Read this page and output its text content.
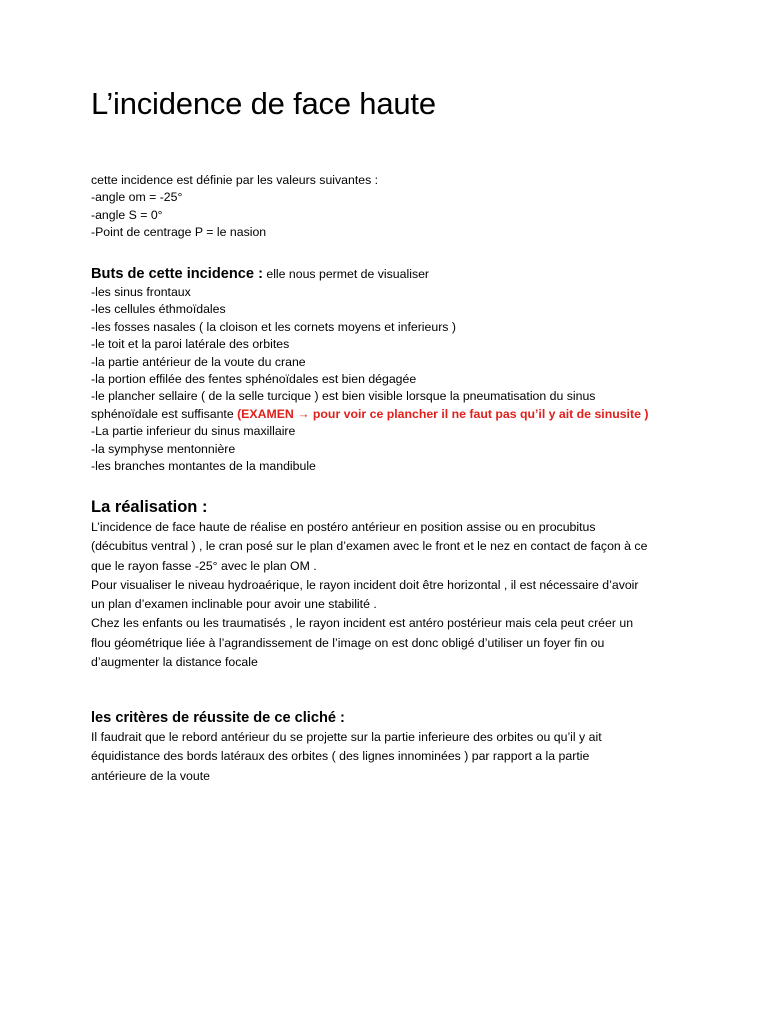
L’incidence de face haute
cette incidence est définie par les valeurs suivantes :
-angle om = -25°
-angle S = 0°
-Point de centrage P = le nasion
Buts de cette incidence : elle nous permet de visualiser
-les sinus frontaux
-les cellules éthmoïdales
-les fosses nasales ( la cloison et les cornets moyens et inferieurs )
-le toit et la paroi latérale des orbites
-la partie antérieur de la voute du crane
-la portion effilée des fentes sphénoïdales est bien dégagée
-le plancher sellaire ( de la selle turcique ) est bien visible lorsque la pneumatisation du sinus
sphénoïdale est suffisante (EXAMEN → pour voir ce plancher il ne faut pas qu’il y ait de sinusite )
-La partie inferieur du sinus maxillaire
-la symphyse mentonnière
-les branches montantes de la mandibule
La réalisation :
L’incidence de face haute de réalise en postéro antérieur en position assise ou en procubitus
(décubitus ventral ) , le cran posé sur le plan d’examen avec le front et le nez en contact de façon à ce
que le rayon fasse -25° avec le plan OM .
Pour visualiser le niveau hydroaérique, le rayon incident doit être horizontal , il est nécessaire d’avoir
un plan d’examen inclinable pour avoir une stabilité .
Chez les enfants ou les traumatisés , le rayon incident est antéro postérieur mais cela peut créer un
flou géométrique liée à l’agrandissement de l’image on est donc obligé d’utiliser un foyer fin ou
d’augmenter la distance focale
les critères de réussite de ce cliché :
Il faudrait que le rebord antérieur du se projette sur la partie inferieure des orbites ou qu’il y ait
équidistance des bords latéraux des orbites ( des lignes innominées ) par rapport a la partie
antérieure de la voute
